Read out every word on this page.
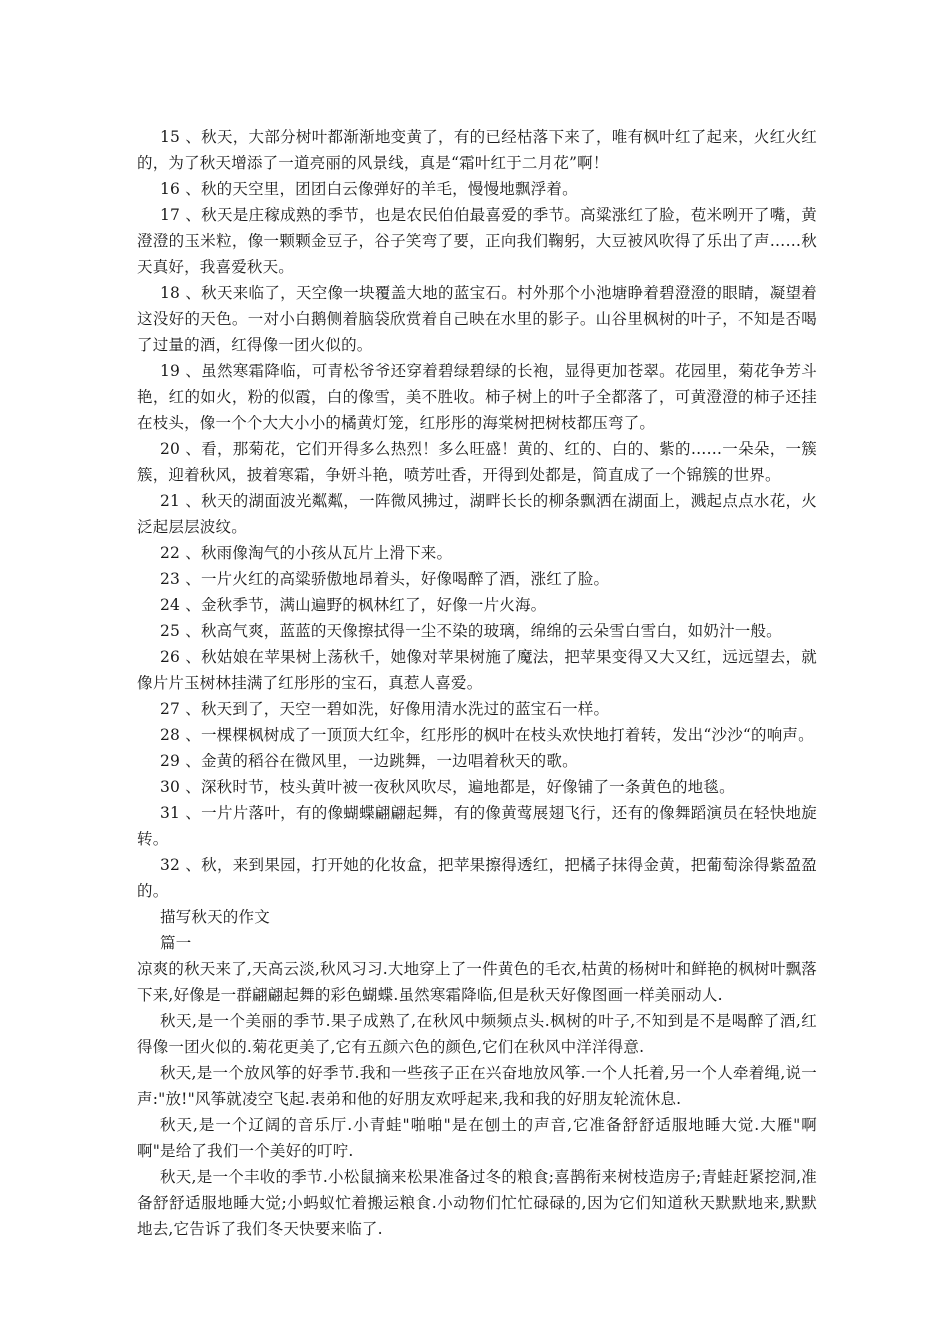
15 、秋天，大部分树叶都渐渐地变黄了，有的已经枯落下来了，唯有枫叶红了起来，火红火红的，为了秋天增添了一道亮丽的风景线，真是“霜叶红于二月花”啊！

16 、秋的天空里，团团白云像弹好的羊毛，慢慢地飘浮着。

17 、秋天是庄稼成熟的季节，也是农民伯伯最喜爱的季节。高粱涨红了脸，苞米咧开了嘴，黄澄澄的玉米粒，像一颗颗金豆子，谷子笑弯了要，正向我们鞠躬，大豆被风吹得了乐出了声……秋天真好，我喜爱秋天。

18 、秋天来临了，天空像一块覆盖大地的蓝宝石。村外那个小池塘睁着碧澄澄的眼睛，凝望着这没好的天色。一对小白鹅侧着脑袋欣赏着自己映在水里的影子。山谷里枫树的叶子，不知是否喝了过量的酒，红得像一团火似的。

19 、虽然寒霜降临，可青松爷爷还穿着碧绿碧绿的长袍，显得更加苍翠。花园里，菊花争芳斗艳，红的如火，粉的似霞，白的像雪，美不胜收。柿子树上的叶子全都落了，可黄澄澄的柿子还挂在枝头，像一个个大大小小的橘黄灯笼，红彤彤的海棠树把树枝都压弯了。

20 、看，那菊花，它们开得多么热烈！多么旺盛！黄的、红的、白的、紫的……一朵朵，一簇簇，迎着秋风，披着寒霜，争妍斗艳，喷芳吐香，开得到处都是，简直成了一个锦簇的世界。

21 、秋天的湖面波光粼粼，一阵微风拂过，湖畔长长的柳条飘洒在湖面上，溅起点点水花，火泛起层层波纹。

22 、秋雨像淘气的小孩从瓦片上滑下来。

23 、一片火红的高粱骄傲地昂着头，好像喝醉了酒，涨红了脸。

24 、金秋季节，满山遍野的枫林红了，好像一片火海。

25 、秋高气爽，蓝蓝的天像擦拭得一尘不染的玻璃，绵绵的云朵雪白雪白，如奶汁一般。

26 、秋姑娘在苹果树上荡秋千，她像对苹果树施了魔法，把苹果变得又大又红，远远望去，就像片片玉树林挂满了红彤彤的宝石，真惹人喜爱。

27 、秋天到了，天空一碧如洗，好像用清水洗过的蓝宝石一样。

28 、一棵棵枫树成了一顶顶大红伞，红彤彤的枫叶在枝头欢快地打着转，发出“沙沙“的响声。

29 、金黄的稻谷在微风里，一边跳舞，一边唱着秋天的歌。

30 、深秋时节，枝头黄叶被一夜秋风吹尽，遍地都是，好像铺了一条黄色的地毯。

31 、一片片落叶，有的像蝴蝶翩翩起舞，有的像黄莺展翅飞行，还有的像舞蹈演员在轻快地旋转。

32 、秋，来到果园，打开她的化妆盒，把苹果擦得透红，把橘子抹得金黄，把葡萄涂得紫盈盈的。

描写秋天的作文

篇一

凉爽的秋天来了,天高云淡,秋风习习.大地穿上了一件黄色的毛衣,枯黄的杨树叶和鲜艳的枫树叶飘落下来,好像是一群翩翩起舞的彩色蝴蝶.虽然寒霜降临,但是秋天好像图画一样美丽动人.

秋天,是一个美丽的季节.果子成熟了,在秋风中频频点头.枫树的叶子,不知到是不是喝醉了酒,红得像一团火似的.菊花更美了,它有五颜六色的颜色,它们在秋风中洋洋得意.

秋天,是一个放风筝的好季节.我和一些孩子正在兴奋地放风筝.一个人托着,另一个人牵着绳,说一声:"放!"风筝就凌空飞起.表弟和他的好朋友欢呼起来,我和我的好朋友轮流休息.

秋天,是一个辽阔的音乐厅.小青蛙"啪啪"是在刨土的声音,它准备舒舒适服地睡大觉.大雁"啊啊"是给了我们一个美好的叮咛.

秋天,是一个丰收的季节.小松鼠摘来松果准备过冬的粮食;喜鹊衔来树枝造房子;青蛙赶紧挖洞,准备舒舒适服地睡大觉;小蚂蚁忙着搬运粮食.小动物们忙忙碌碌的,因为它们知道秋天默默地来,默默地去,它告诉了我们冬天快要来临了.
